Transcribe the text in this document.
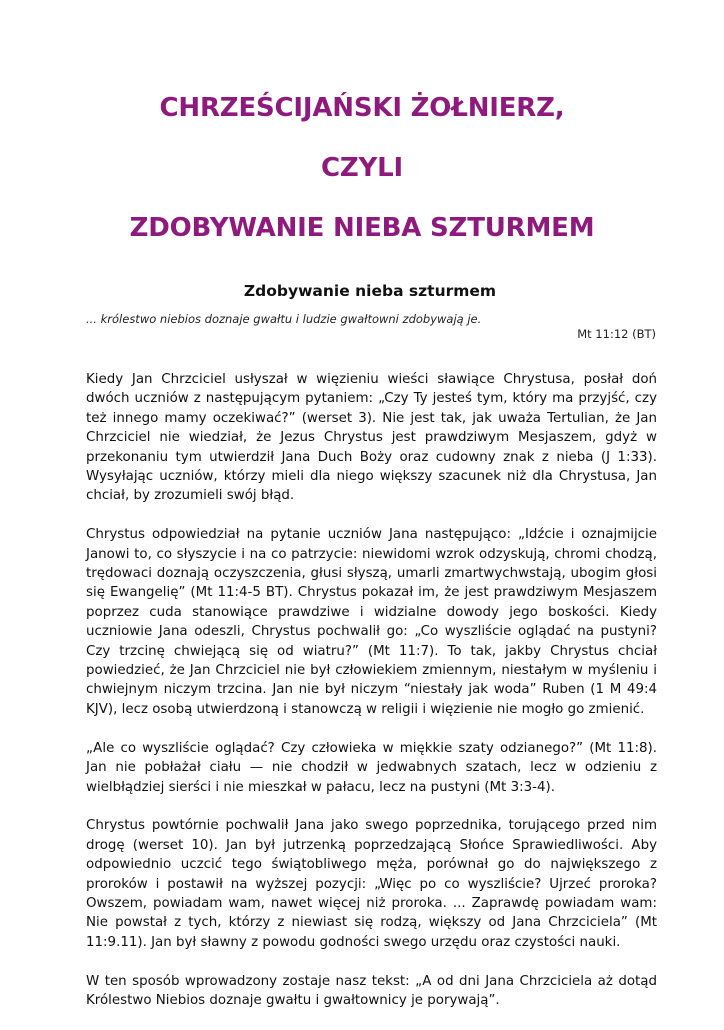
CHRZEŚCIJAŃSKI ŻOŁNIERZ,
CZYLI
ZDOBYWANIE NIEBA SZTURMEM
Zdobywanie nieba szturmem
... królestwo niebios doznaje gwałtu i ludzie gwałtowni zdobywają je.
Mt 11:12 (BT)

Kiedy Jan Chrzciciel usłyszał w więzieniu wieści sławiące Chrystusa, posłał doń dwóch uczniów z następującym pytaniem: „Czy Ty jesteś tym, który ma przyjść, czy też innego mamy oczekiwać?” (werset 3). Nie jest tak, jak uważa Tertulian, że Jan Chrzciciel nie wiedział, że Jezus Chrystus jest prawdziwym Mesjaszem, gdyż w przekonaniu tym utwierdził Jana Duch Boży oraz cudowny znak z nieba (J 1:33). Wysyłając uczniów, którzy mieli dla niego większy szacunek niż dla Chrystusa, Jan chciał, by zrozumieli swój błąd.

Chrystus odpowiedział na pytanie uczniów Jana następująco: „Idźcie i oznajmijcie Janowi to, co słyszycie i na co patrzycie: niewidomi wzrok odzyskują, chromi chodzą, trędowaci doznają oczyszczenia, głusi słyszą, umarli zmartwychwstają, ubogim głosi się Ewangelię” (Mt 11:4-5 BT). Chrystus pokazał im, że jest prawdziwym Mesjaszem poprzez cuda stanowiące prawdziwe i widzialne dowody jego boskości. Kiedy uczniowie Jana odeszli, Chrystus pochwalił go: „Co wyszliście oglądać na pustyni? Czy trzcinę chwiejącą się od wiatru?” (Mt 11:7). To tak, jakby Chrystus chciał powiedzieć, że Jan Chrzciciel nie był człowiekiem zmiennym, niestałym w myśleniu i chwiejnym niczym trzcina. Jan nie był niczym “niestały jak woda” Ruben (1 M 49:4 KJV), lecz osobą utwierdzoną i stanowczą w religii i więzienie nie mogło go zmienić.

„Ale co wyszliście oglądać? Czy człowieka w miękkie szaty odzianego?” (Mt 11:8). Jan nie pobłażał ciału — nie chodził w jedwabnych szatach, lecz w odzieniu z wielbłądziej sierści i nie mieszkał w pałacu, lecz na pustyni (Mt 3:3-4).

Chrystus powtórnie pochwalił Jana jako swego poprzednika, torującego przed nim drogę (werset 10). Jan był jutrzenką poprzedzającą Słońce Sprawiedliwości. Aby odpowiednio uczcić tego świątobliwego męża, porównał go do największego z proroków i postawił na wyższej pozycji: „Więc po co wyszliście? Ujrzeć proroka? Owszem, powiadam wam, nawet więcej niż proroka. ... Zaprawdę powiadam wam: Nie powstał z tych, którzy z niewiast się rodzą, większy od Jana Chrzciciela” (Mt 11:9.11). Jan był sławny z powodu godności swego urzędu oraz czystości nauki.

W ten sposób wprowadzony zostaje nasz tekst: „A od dni Jana Chrzciciela aż dotąd Królestwo Niebios doznaje gwałtu i gwałtownicy je porywają”.
